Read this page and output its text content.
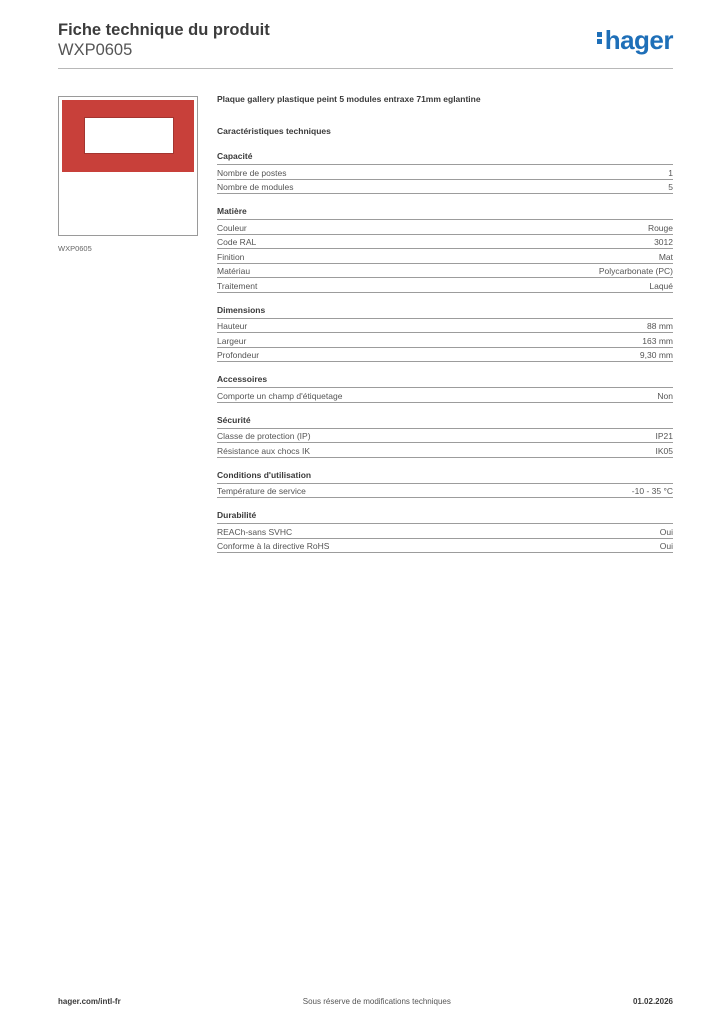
Fiche technique du produit
WXP0605	hager
WXP0605
Plaque gallery plastique peint 5 modules entraxe 71mm eglantine
Caractéristiques techniques
Capacité
Nombre de postes	1
Nombre de modules	5
Matière
Couleur	Rouge
Code RAL	3012
Finition	Mat
Matériau	Polycarbonate (PC)
Traitement	Laqué
Dimensions
Hauteur	88 mm
Largeur	163 mm
Profondeur	9,30 mm
Accessoires
Comporte un champ d'étiquetage	Non
Sécurité
Classe de protection (IP)	IP21
Résistance aux chocs IK	IK05
Conditions d'utilisation
Température de service	-10 - 35 °C
Durabilité
REACh-sans SVHC	Oui
Conforme à la directive RoHS	Oui
hager.com/intl-fr	Sous réserve de modifications techniques	01.02.2026
